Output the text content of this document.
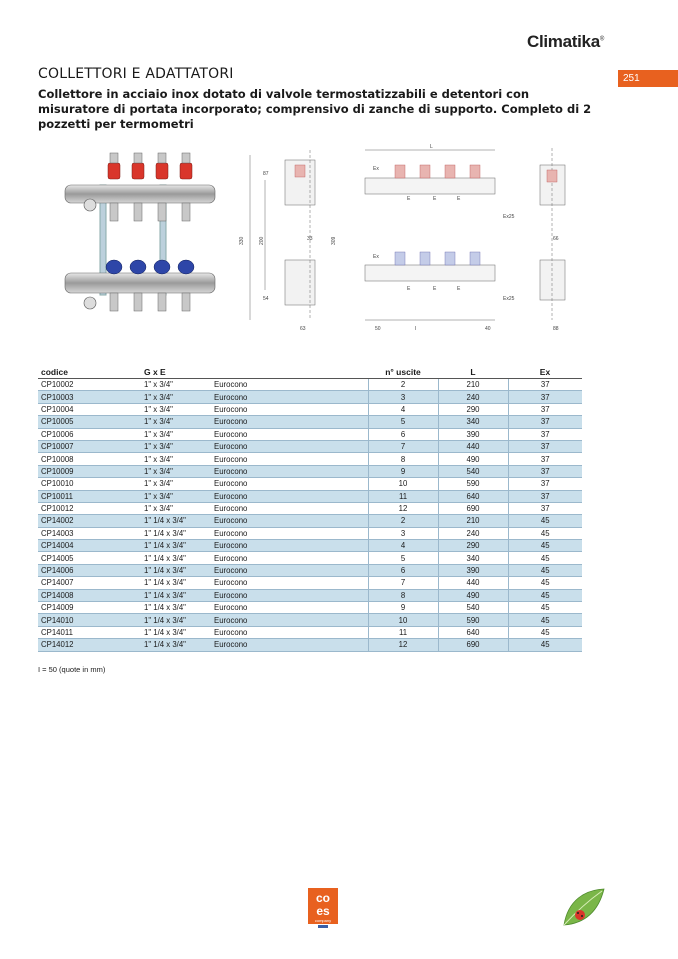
Climatika®
251
COLLETTORI E ADATTATORI

Collettore in acciaio inox dotato di valvole termostatizzabili e detentori con misuratore di portata incorporato; comprensivo di zanche di supporto. Completo di 2 pozzetti per termometri

L
Ex
Ex
E	E	E
E	E	E
Ex25
Ex25
330	200	309
87
33
54
50
63
66
88
40
I
codice	G x E		n° uscite	L	Ex
CP10002	1" x 3/4"	Eurocono	2	210	37
CP10003	1" x 3/4"	Eurocono	3	240	37
CP10004	1" x 3/4"	Eurocono	4	290	37
CP10005	1" x 3/4"	Eurocono	5	340	37
CP10006	1" x 3/4"	Eurocono	6	390	37
CP10007	1" x 3/4"	Eurocono	7	440	37
CP10008	1" x 3/4"	Eurocono	8	490	37
CP10009	1" x 3/4"	Eurocono	9	540	37
CP10010	1" x 3/4"	Eurocono	10	590	37
CP10011	1" x 3/4"	Eurocono	11	640	37
CP10012	1" x 3/4"	Eurocono	12	690	37
CP14002	1" 1/4 x 3/4"	Eurocono	2	210	45
CP14003	1" 1/4 x 3/4"	Eurocono	3	240	45
CP14004	1" 1/4 x 3/4"	Eurocono	4	290	45
CP14005	1" 1/4 x 3/4"	Eurocono	5	340	45
CP14006	1" 1/4 x 3/4"	Eurocono	6	390	45
CP14007	1" 1/4 x 3/4"	Eurocono	7	440	45
CP14008	1" 1/4 x 3/4"	Eurocono	8	490	45
CP14009	1" 1/4 x 3/4"	Eurocono	9	540	45
CP14010	1" 1/4 x 3/4"	Eurocono	10	590	45
CP14011	1" 1/4 x 3/4"	Eurocono	11	640	45
CP14012	1" 1/4 x 3/4"	Eurocono	12	690	45
I = 50 (quote in mm)
co
es
company
